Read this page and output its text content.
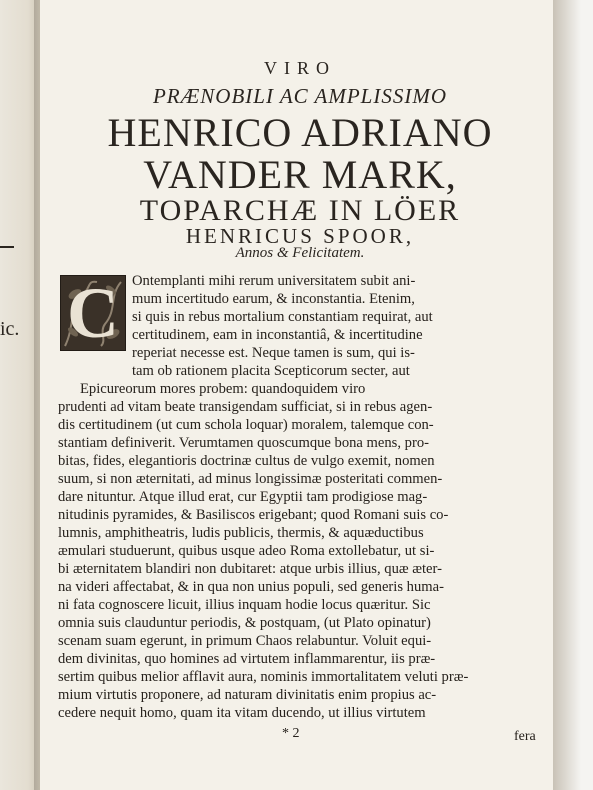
ic.
VIRO
PRÆNOBILI AC AMPLISSIMO
HENRICO ADRIANO
VANDER MARK,
TOPARCHÆ IN LÖER
HENRICUS SPOOR,
Annos & Felicitatem.
C Ontemplanti mihi rerum universitatem subit ani-
mum incertitudo earum, & inconstantia. Etenim,
si quis in rebus mortalium constantiam requirat, aut
certitudinem, eam in inconstantiâ, & incertitudine
reperiat necesse est. Neque tamen is sum, qui is-
tam ob rationem placita Scepticorum secter, aut
Epicureorum mores probem: quandoquidem viro
prudenti ad vitam beate transigendam sufficiat, si in rebus agen-
dis certitudinem (ut cum schola loquar) moralem, talemque con-
stantiam definiverit. Verumtamen quoscumque bona mens, pro-
bitas, fides, elegantioris doctrinæ cultus de vulgo exemit, nomen
suum, si non æternitati, ad minus longissimæ posteritati commen-
dare nituntur. Atque illud erat, cur Egyptii tam prodigiose mag-
nitudinis pyramides, & Basiliscos erigebant; quod Romani suis co-
lumnis, amphitheatris, ludis publicis, thermis, & aquæductibus
æmulari studuerunt, quibus usque adeo Roma extollebatur, ut si-
bi æternitatem blandiri non dubitaret: atque urbis illius, quæ æter-
na videri affectabat, & in qua non unius populi, sed generis huma-
ni fata cognoscere licuit, illius inquam hodie locus quæritur. Sic
omnia suis clauduntur periodis, & postquam, (ut Plato opinatur)
scenam suam egerunt, in primum Chaos relabuntur. Voluit equi-
dem divinitas, quo homines ad virtutem inflammarentur, iis præ-
sertim quibus melior afflavit aura, nominis immortalitatem veluti præ-
mium virtutis proponere, ad naturam divinitatis enim propius ac-
cedere nequit homo, quam ita vitam ducendo, ut illius virtutem
* 2	fera
